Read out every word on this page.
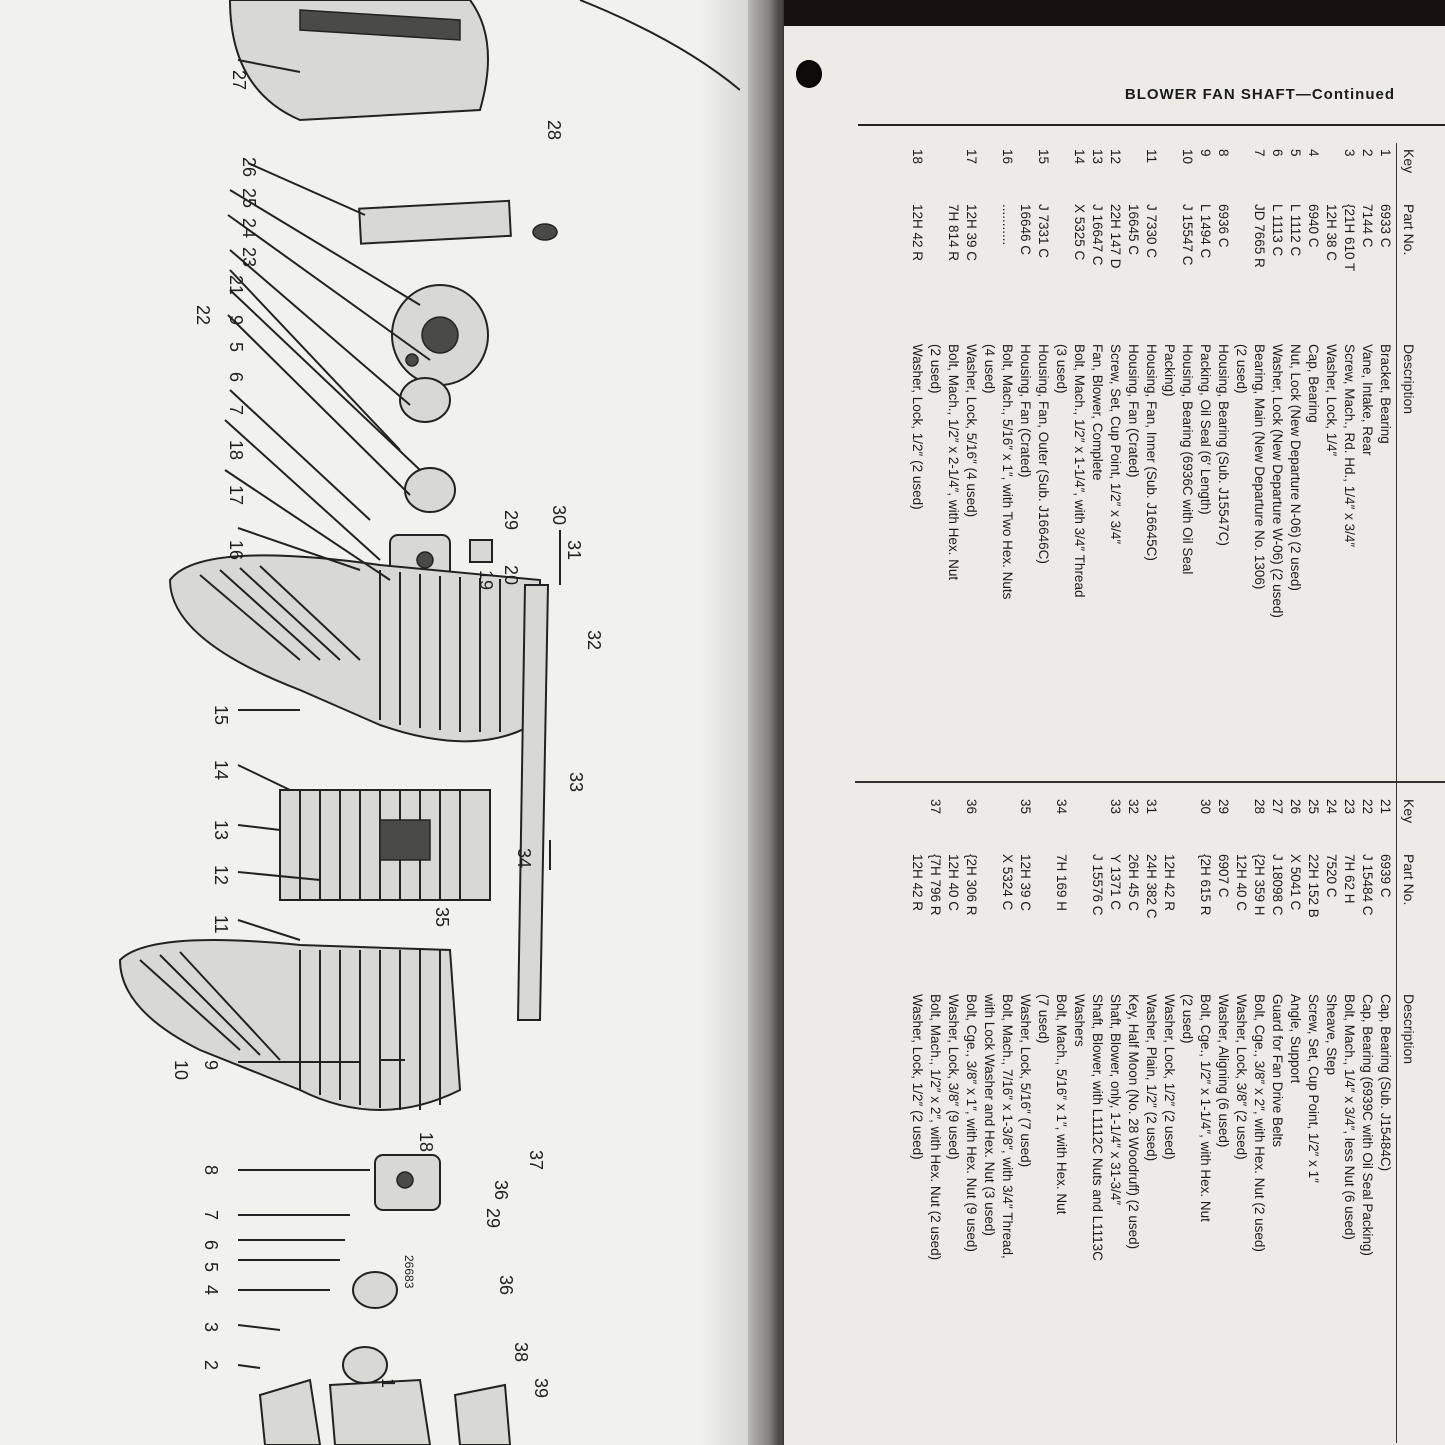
27
26
25
24
23
22
21
9
5
6
7
18
17
16
15
14
13
12
11
10 9
8
7
6
5
4
3
2
1
28
29 30
19 20
31
32
33
34
35
18
36
37
29
36
38
39
26683
BLOWER FAN SHAFT—Continued
Key
Part No.
Description
1
6933 C
Bracket, Bearing
2
7144 C
Vane, Intake, Rear
3
{21H 610 T
Screw, Mach., Rd. Hd., 1/4″ x 3/4″
12H 38 C
Washer, Lock, 1/4″
4
6940 C
Cap, Bearing
5
L 1112 C
Nut, Lock (New Departure N-06) (2 used)
6
L 1113 C
Washer, Lock (New Departure W-06) (2 used)
7
JD 7665 R
Bearing, Main (New Departure No. 1306)
(2 used)
8
6936 C
Housing, Bearing (Sub. J15547C)
9
L 1494 C
Packing, Oil Seal (6′ Length)
10
J 15547 C
Housing, Bearing (6936C with Oil Seal
Packing)
11
J 7330 C
Housing, Fan, Inner (Sub. J16645C)
16645 C
Housing, Fan (Crated)
12
22H 147 D
Screw, Set, Cup Point, 1/2″ x 3/4″
13
J 16647 C
Fan, Blower, Complete
14
X 5325 C
Bolt, Mach., 1/2″ x 1-1/4″, with 3/4″ Thread
(3 used)
15
J 7331 C
Housing, Fan, Outer (Sub. J16646C)
16646 C
Housing, Fan (Crated)
16
...........
Bolt, Mach., 5/16″ x 1″, with Two Hex. Nuts
(4 used)
17
12H 39 C
Washer, Lock, 5/16″ (4 used)
7H 814 R
Bolt, Mach., 1/2″ x 2-1/4″, with Hex. Nut
(2 used)
18
12H 42 R
Washer, Lock, 1/2″ (2 used)
Key
Part No.
Description
21
6939 C
Cap, Bearing (Sub. J15484C)
22
J 15484 C
Cap, Bearing (6939C with Oil Seal Packing)
23
7H 62 H
Bolt, Mach., 1/4″ x 3/4″, less Nut (6 used)
24
7520 C
Sheave, Step
25
22H 152 B
Screw, Set, Cup Point, 1/2″ x 1″
26
X 5041 C
Angle, Support
27
J 18098 C
Guard for Fan Drive Belts
28
{2H 359 H
Bolt, Cge., 3/8″ x 2″, with Hex. Nut (2 used)
12H 40 C
Washer, Lock, 3/8″ (2 used)
29
6907 C
Washer, Aligning (6 used)
30
{2H 615 R
Bolt, Cge., 1/2″ x 1-1/4″, with Hex. Nut
(2 used)
12H 42 R
Washer, Lock, 1/2″ (2 used)
31
24H 382 C
Washer, Plain, 1/2″ (2 used)
32
26H 45 C
Key, Half Moon (No. 28 Woodruff) (2 used)
33
Y 1371 C
Shaft, Blower, only, 1-1/4″ x 31-3/4″
J 15576 C
Shaft, Blower, with L1112C Nuts and L1113C
Washers
34
7H 169 H
Bolt, Mach., 5/16″ x 1″, with Hex. Nut
(7 used)
35
12H 39 C
Washer, Lock, 5/16″ (7 used)
X 5324 C
Bolt, Mach., 7/16″ x 1-3/8″, with 3/4″ Thread,
with Lock Washer and Hex. Nut (3 used)
36
{2H 306 R
Bolt, Cge., 3/8″ x 1″, with Hex. Nut (9 used)
12H 40 C
Washer, Lock, 3/8″ (9 used)
37
{7H 796 R
Bolt, Mach., 1/2″ x 2″, with Hex. Nut (2 used)
12H 42 R
Washer, Lock, 1/2″ (2 used)
